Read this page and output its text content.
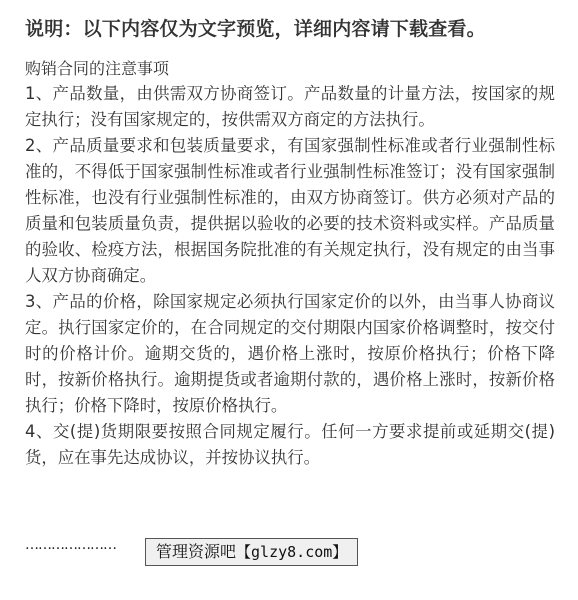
说明：以下内容仅为文字预览，详细内容请下载查看。
购销合同的注意事项

1、产品数量，由供需双方协商签订。产品数量的计量方法，按国家的规定执行；没有国家规定的，按供需双方商定的方法执行。

2、产品质量要求和包装质量要求，有国家强制性标准或者行业强制性标准的，不得低于国家强制性标准或者行业强制性标准签订；没有国家强制性标准，也没有行业强制性标准的，由双方协商签订。供方必须对产品的质量和包装质量负责，提供据以验收的必要的技术资料或实样。产品质量的验收、检疫方法，根据国务院批准的有关规定执行，没有规定的由当事人双方协商确定。

3、产品的价格，除国家规定必须执行国家定价的以外，由当事人协商议定。执行国家定价的，在合同规定的交付期限内国家价格调整时，按交付时的价格计价。逾期交货的，遇价格上涨时，按原价格执行；价格下降时，按新价格执行。逾期提货或者逾期付款的，遇价格上涨时，按新价格执行；价格下降时，按原价格执行。

4、交(提)货期限要按照合同规定履行。任何一方要求提前或延期交(提)货，应在事先达成协议，并按协议执行。

…………………	管理资源吧【glzy8.com】
